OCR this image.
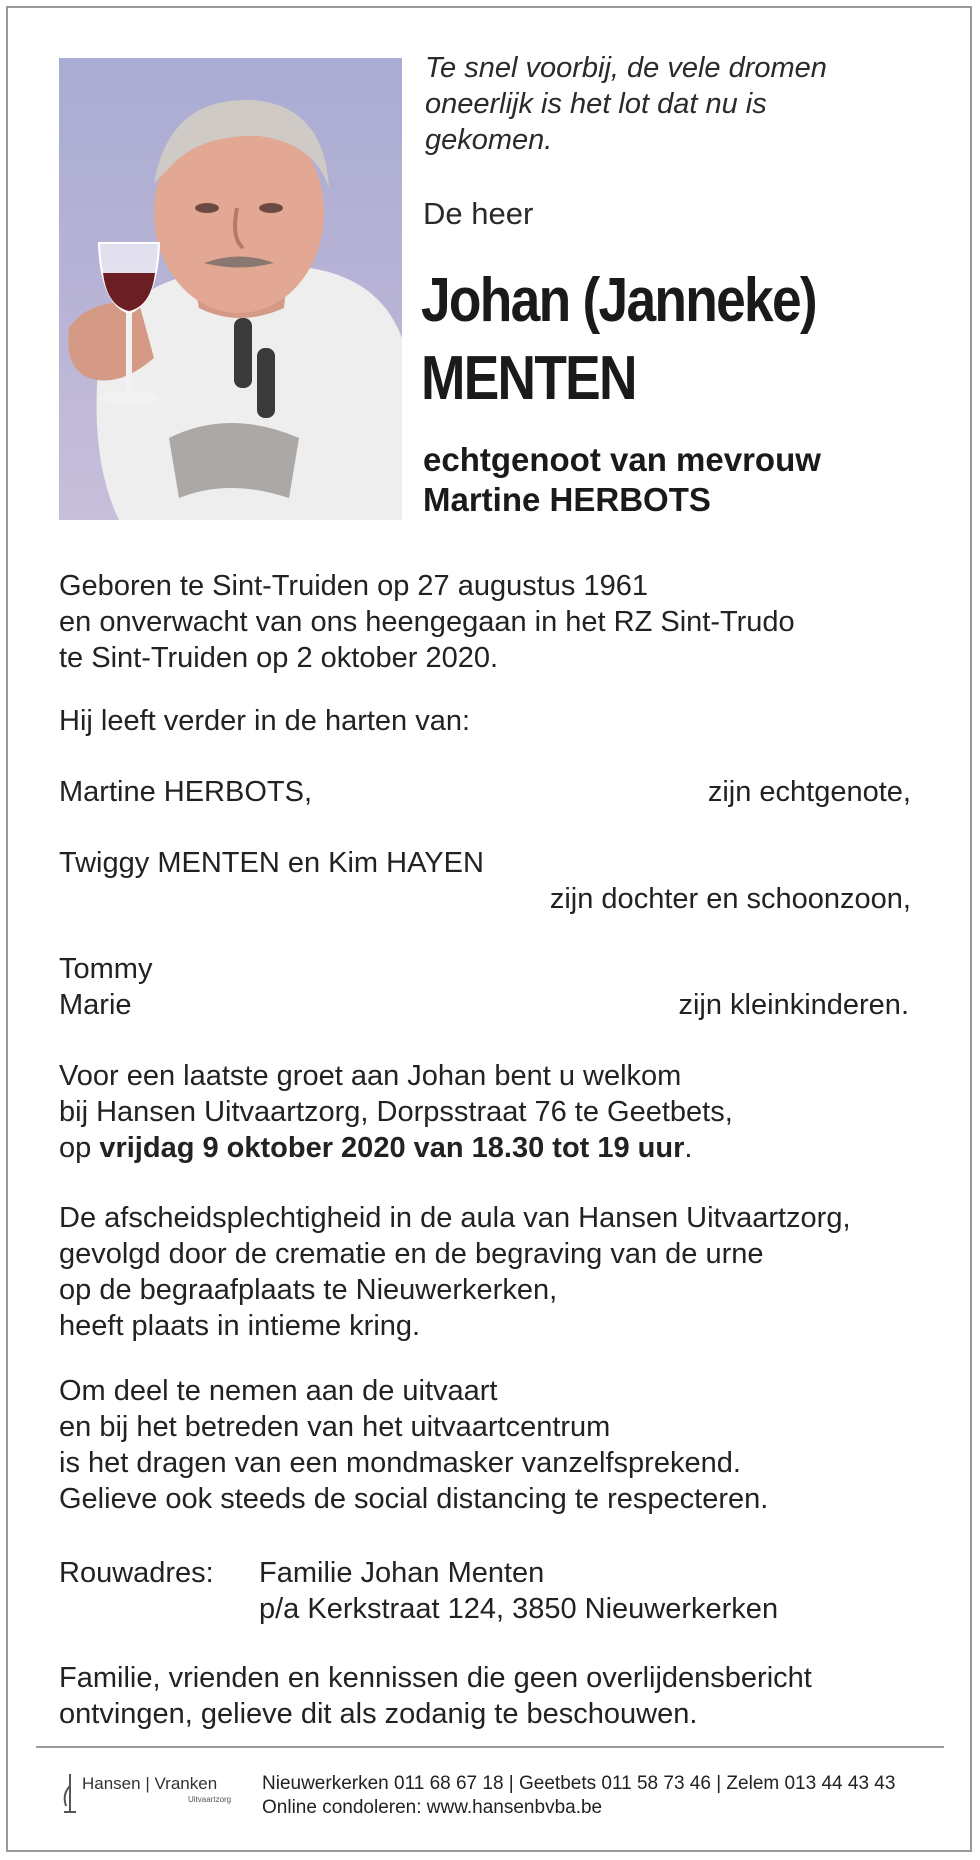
Te snel voorbij, de vele dromen
oneerlijk is het lot dat nu is
gekomen.
De heer
Johan (Janneke)
MENTEN
echtgenoot van mevrouw
Martine HERBOTS
Geboren te Sint-Truiden op 27 augustus 1961
en onverwacht van ons heengegaan in het RZ Sint-Trudo
te Sint-Truiden op 2 oktober 2020.
Hij leeft verder in de harten van:
Martine HERBOTS,	zijn echtgenote,
Twiggy MENTEN en Kim HAYEN
zijn dochter en schoonzoon,
Tommy
Marie	zijn kleinkinderen.
Voor een laatste groet aan Johan bent u welkom
bij Hansen Uitvaartzorg, Dorpsstraat 76 te Geetbets,
op vrijdag 9 oktober 2020 van 18.30 tot 19 uur.
De afscheidsplechtigheid in de aula van Hansen Uitvaartzorg,
gevolgd door de crematie en de begraving van de urne
op de begraafplaats te Nieuwerkerken,
heeft plaats in intieme kring.
Om deel te nemen aan de uitvaart
en bij het betreden van het uitvaartcentrum
is het dragen van een mondmasker vanzelfsprekend.
Gelieve ook steeds de social distancing te respecteren.
Rouwadres: Familie Johan Menten
p/a Kerkstraat 124, 3850 Nieuwerkerken
Familie, vrienden en kennissen die geen overlijdensbericht
ontvingen, gelieve dit als zodanig te beschouwen.
Hansen | Vranken
Uitvaartzorg
Nieuwerkerken 011 68 67 18 | Geetbets 011 58 73 46 | Zelem 013 44 43 43
Online condoleren: www.hansenbvba.be
